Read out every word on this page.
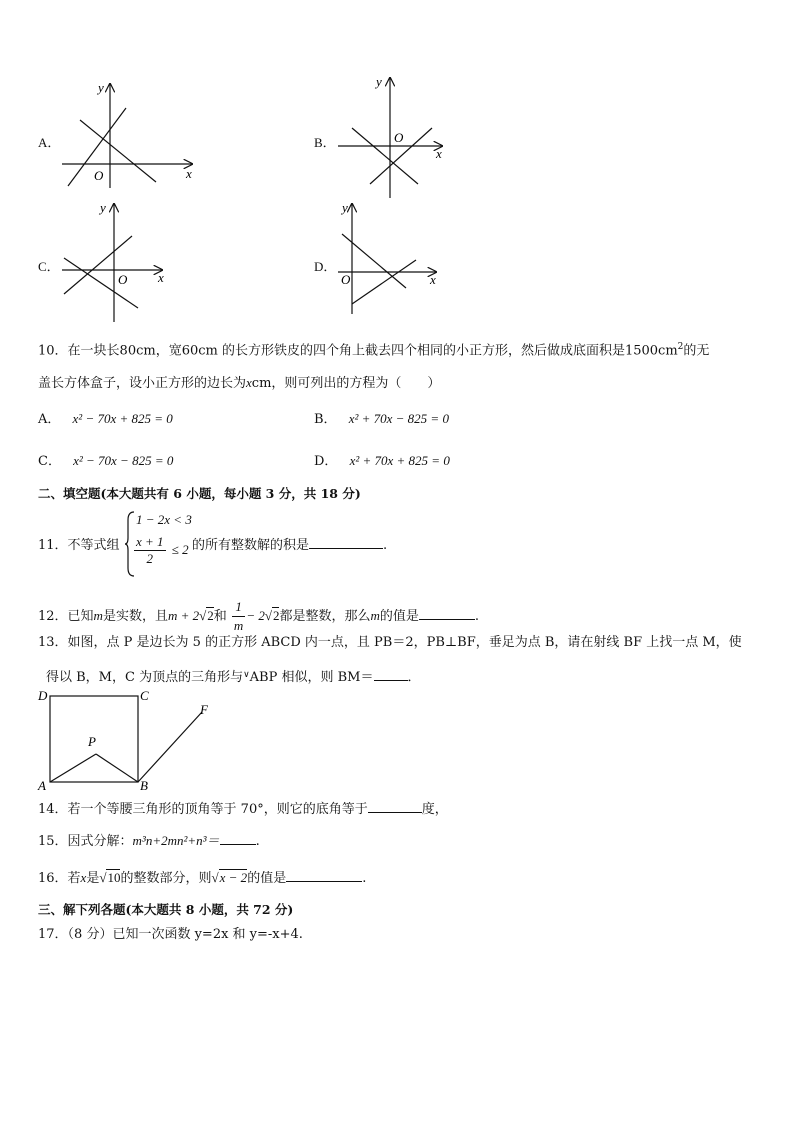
A．
y
x
O
B．
y
x
O
C．
y
x
O
D．
y
x
O
10．在一块长80cm，宽60cm 的长方形铁皮的四个角上截去四个相同的小正方形，然后做成底面积是$1500cm^2$的无
盖长方体盒子，设小正方形的边长为xcm，则可列出的方程为（　　）
A． x² − 70x + 825 = 0	B． x² + 70x − 825 = 0
C． x² − 70x − 825 = 0	D． x² + 70x + 825 = 0
二、填空题(本大题共有 6 小题，每小题 3 分，共 18 分)
11．不等式组
1 − 2x < 3
$\frac{x + 1}{2} \le 2$ 的所有整数解的积是	.
12．已知m是实数，且m + 2√2和 $\frac{1}{m} - 2√2$都是整数，那么m的值是	.
13．如图，点 P 是边长为 5 的正方形 ABCD 内一点，且 PB＝2，PB⊥BF，垂足为点 B，请在射线 BF 上找一点 M，使
得以 B，M，C 为顶点的三角形与∨ABP 相似，则 BM＝	．
D	C
P
A	B
F
14．若一个等腰三角形的顶角等于 70°，则它的底角等于	度，
15．因式分解：m³n+2mn²+n³＝	.
16．若x是√10的整数部分，则√x − 2的值是	.
三、解下列各题(本大题共 8 小题，共 72 分)
17．（8 分）已知一次函数 y=2x 和 y=-x+4.
